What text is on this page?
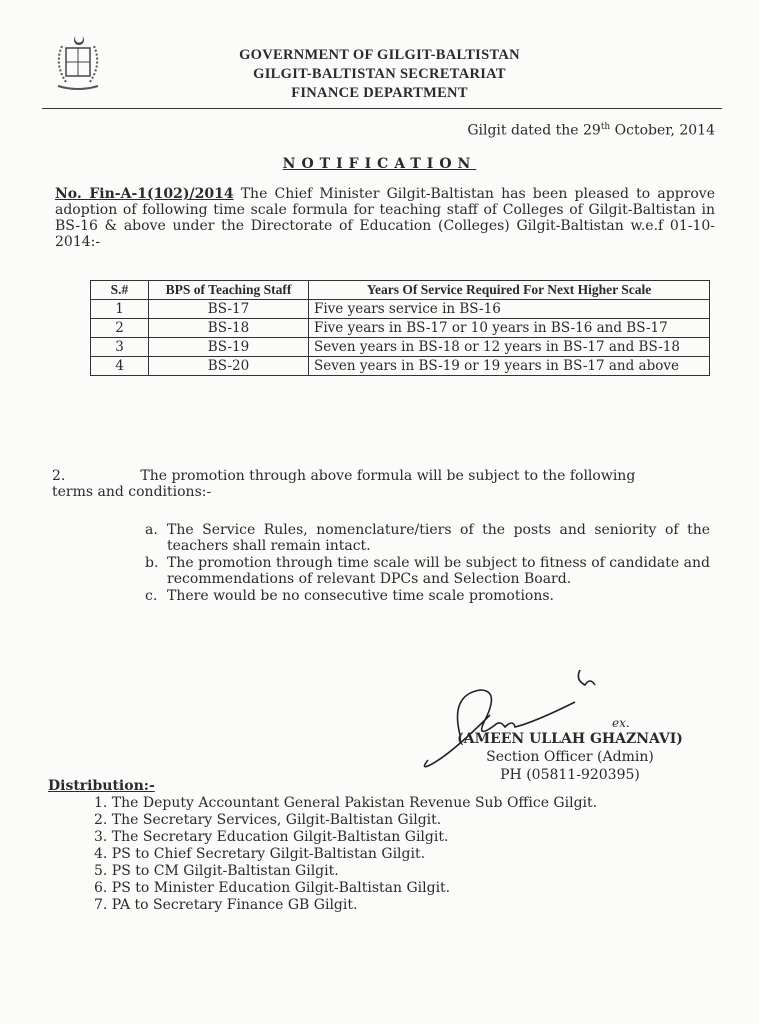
GOVERNMENT OF GILGIT-BALTISTAN
GILGIT-BALTISTAN SECRETARIAT
FINANCE DEPARTMENT
Gilgit dated the 29th October, 2014
NOTIFICATION
No. Fin-A-1(102)/2014 The Chief Minister Gilgit-Baltistan has been pleased to approve adoption of following time scale formula for teaching staff of Colleges of Gilgit-Baltistan in BS-16 & above under the Directorate of Education (Colleges) Gilgit-Baltistan w.e.f 01-10-2014:-
S.#	BPS of Teaching Staff	Years Of Service Required For Next Higher Scale
1	BS-17	Five years service in BS-16
2	BS-18	Five years in BS-17 or 10 years in BS-16 and BS-17
3	BS-19	Seven years in BS-18 or 12 years in BS-17 and BS-18
4	BS-20	Seven years in BS-19 or 19 years in BS-17 and above
2.	The promotion through above formula will be subject to the following
terms and conditions:-
a. The Service Rules, nomenclature/tiers of the posts and seniority of the teachers shall remain intact.
b. The promotion through time scale will be subject to fitness of candidate and recommendations of relevant DPCs and Selection Board.
c. There would be no consecutive time scale promotions.
ex.
(AMEEN ULLAH GHAZNAVI)
Section Officer (Admin)
PH (05811-920395)
Distribution:-
1. The Deputy Accountant General Pakistan Revenue Sub Office Gilgit.
2. The Secretary Services, Gilgit-Baltistan Gilgit.
3. The Secretary Education Gilgit-Baltistan Gilgit.
4. PS to Chief Secretary Gilgit-Baltistan Gilgit.
5. PS to CM Gilgit-Baltistan Gilgit.
6. PS to Minister Education Gilgit-Baltistan Gilgit.
7. PA to Secretary Finance GB Gilgit.
